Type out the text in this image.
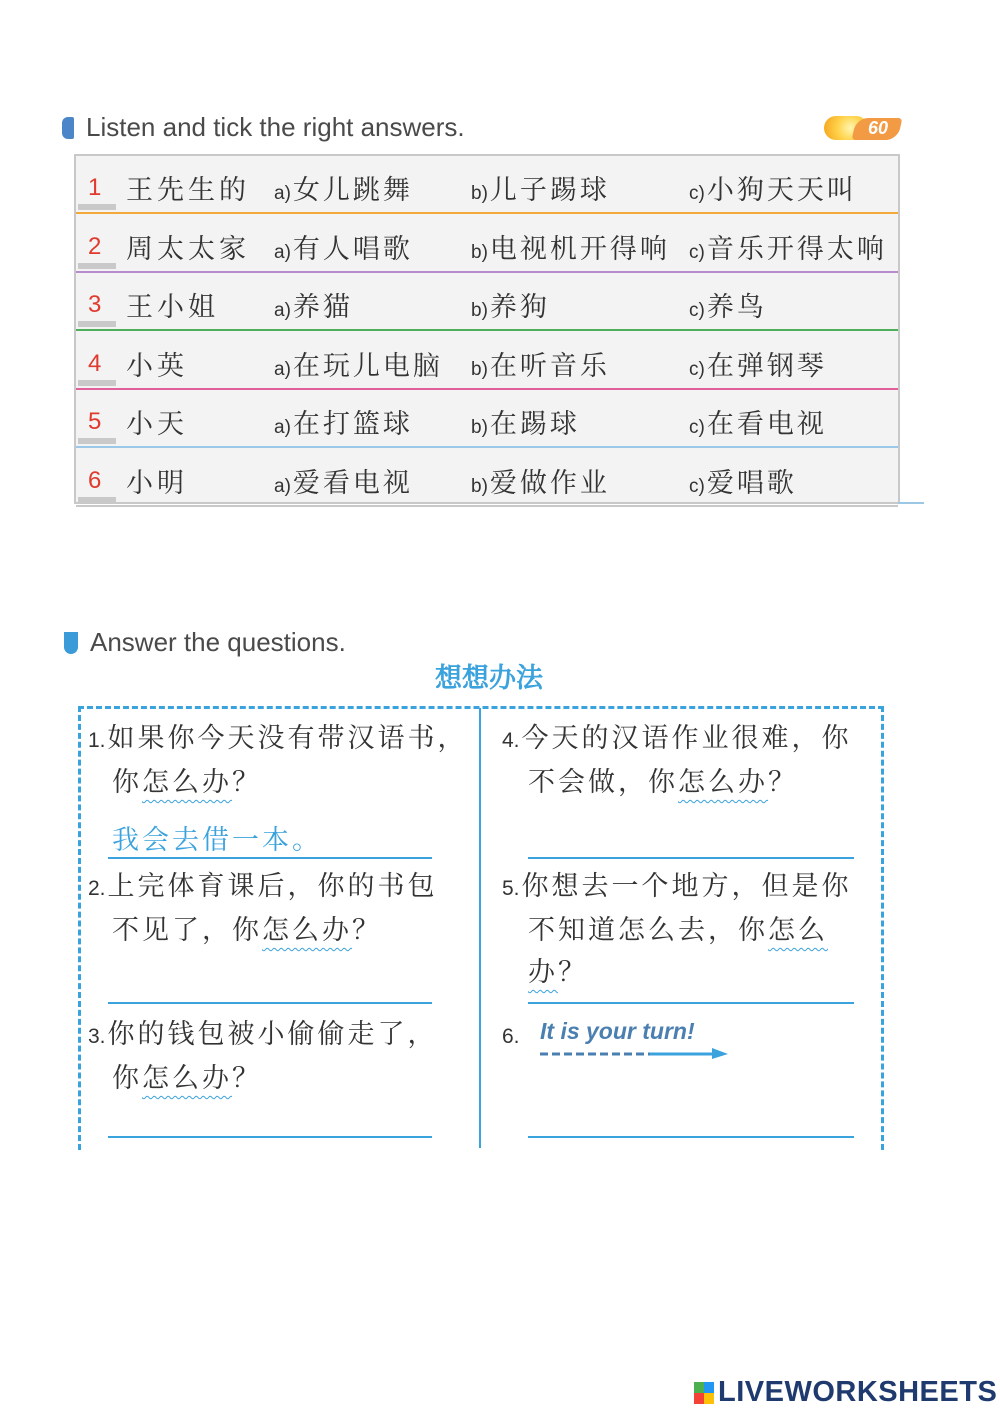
Listen and tick the right answers.	60
1 王先生的 a)女儿跳舞	b)儿子踢球	c)小狗天天叫
2 周太太家 a)有人唱歌	b)电视机开得响 c)音乐开得太响
3 王小姐	a)养猫	b)养狗	c)养鸟
4 小英	a)在玩儿电脑 b)在听音乐	c)在弹钢琴
5 小天	a)在打篮球	b)在踢球	c)在看电视
6 小明	a)爱看电视	b)爱做作业	c)爱唱歌
Answer the questions.
想想办法
1.如果你今天没有带汉语书，
你怎么办？
我会去借一本。
2.上完体育课后，你的书包
不见了，你怎么办？
3.你的钱包被小偷偷走了，
你怎么办？
4.今天的汉语作业很难，你
不会做，你怎么办？
5.你想去一个地方，但是你
不知道怎么去，你怎么办？
6. It is your turn!
LIVEWORKSHEETS
